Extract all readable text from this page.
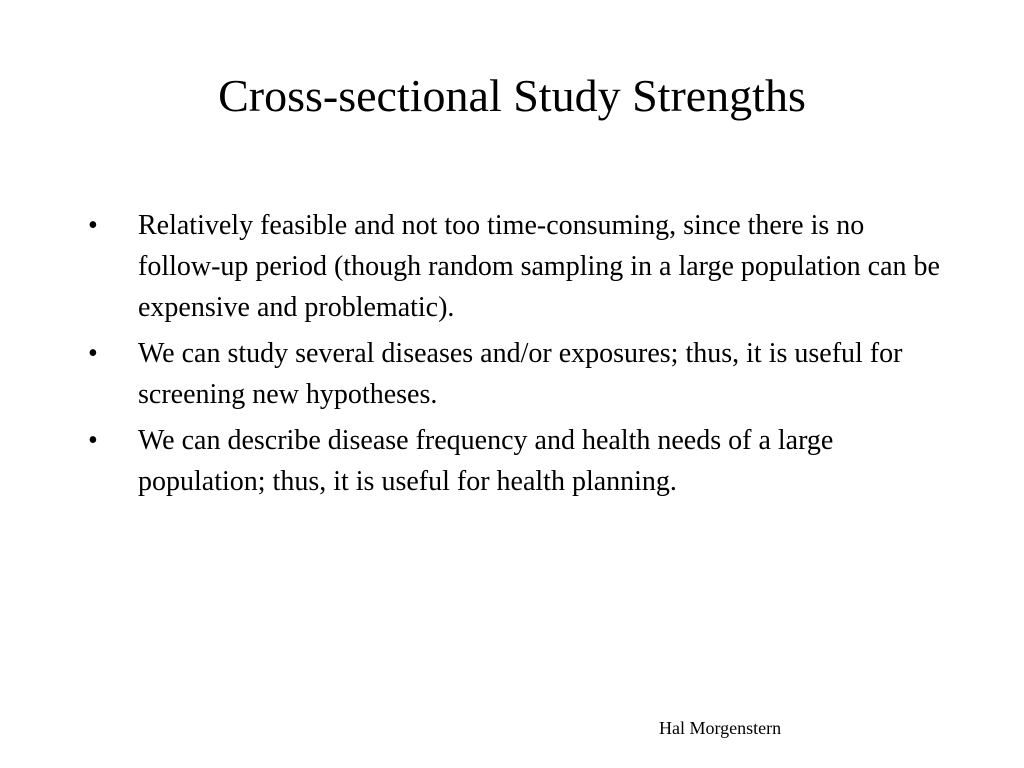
Cross-sectional Study Strengths
•	Relatively feasible and not too time-consuming, since there is no follow-up period (though random sampling in a large population can be expensive and problematic).
•	We can study several diseases and/or exposures; thus, it is useful for screening new hypotheses.
•	We can describe disease frequency and health needs of a large population; thus, it is useful for health planning.
Hal Morgenstern
